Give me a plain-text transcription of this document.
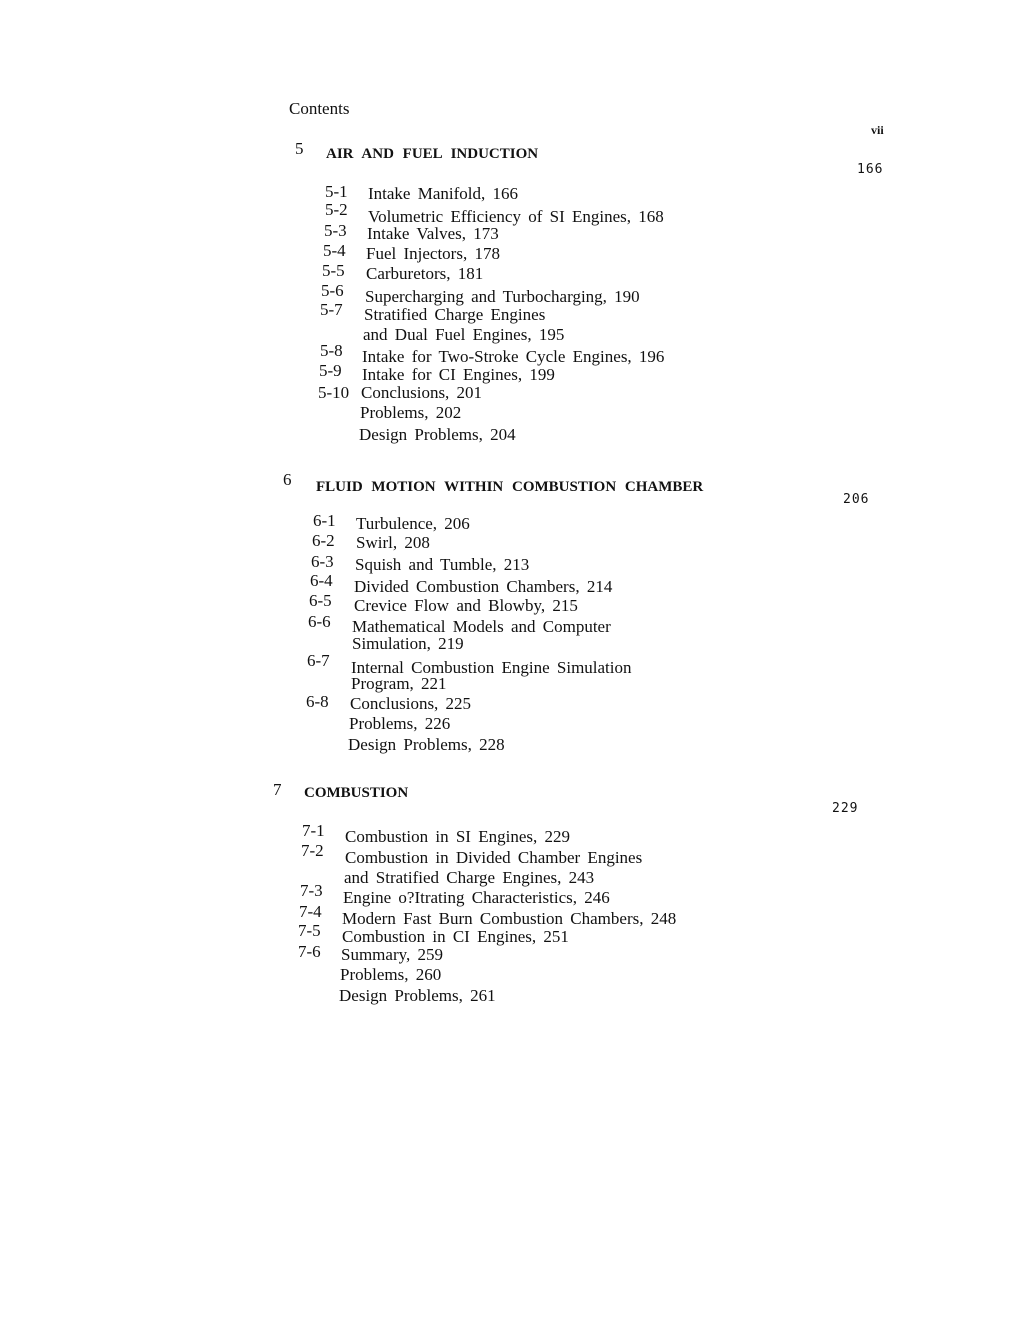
Contents
vii
5 AIR AND FUEL INDUCTION
166
5-1 Intake Manifold, 166
5-2 Volumetric Efficiency of SI Engines, 168
5-3 Intake Valves, 173
5-4 Fuel Injectors, 178
5-5 Carburetors, 181
5-6 Supercharging and Turbocharging, 190
5-7 Stratified Charge Engines
and Dual Fuel Engines, 195
5-8 Intake for Two-Stroke Cycle Engines, 196
5-9 Intake for CI Engines, 199
5-10 Conclusions, 201
Problems, 202
Design Problems, 204
6 FLUID MOTION WITHIN COMBUSTION CHAMBER
206
6-1 Turbulence, 206
6-2 Swirl, 208
6-3 Squish and Tumble, 213
6-4 Divided Combustion Chambers, 214
6-5 Crevice Flow and Blowby, 215
6-6 Mathematical Models and Computer
Simulation, 219
6-7 Internal Combustion Engine Simulation
Program, 221
6-8 Conclusions, 225
Problems, 226
Design Problems, 228
7 COMBUSTION
229
7-1 Combustion in SI Engines, 229
7-2 Combustion in Divided Chamber Engines
and Stratified Charge Engines, 243
7-3 Engine o?Itrating Characteristics, 246
7-4 Modern Fast Burn Combustion Chambers, 248
7-5 Combustion in CI Engines, 251
7-6 Summary, 259
Problems, 260
Design Problems, 261
